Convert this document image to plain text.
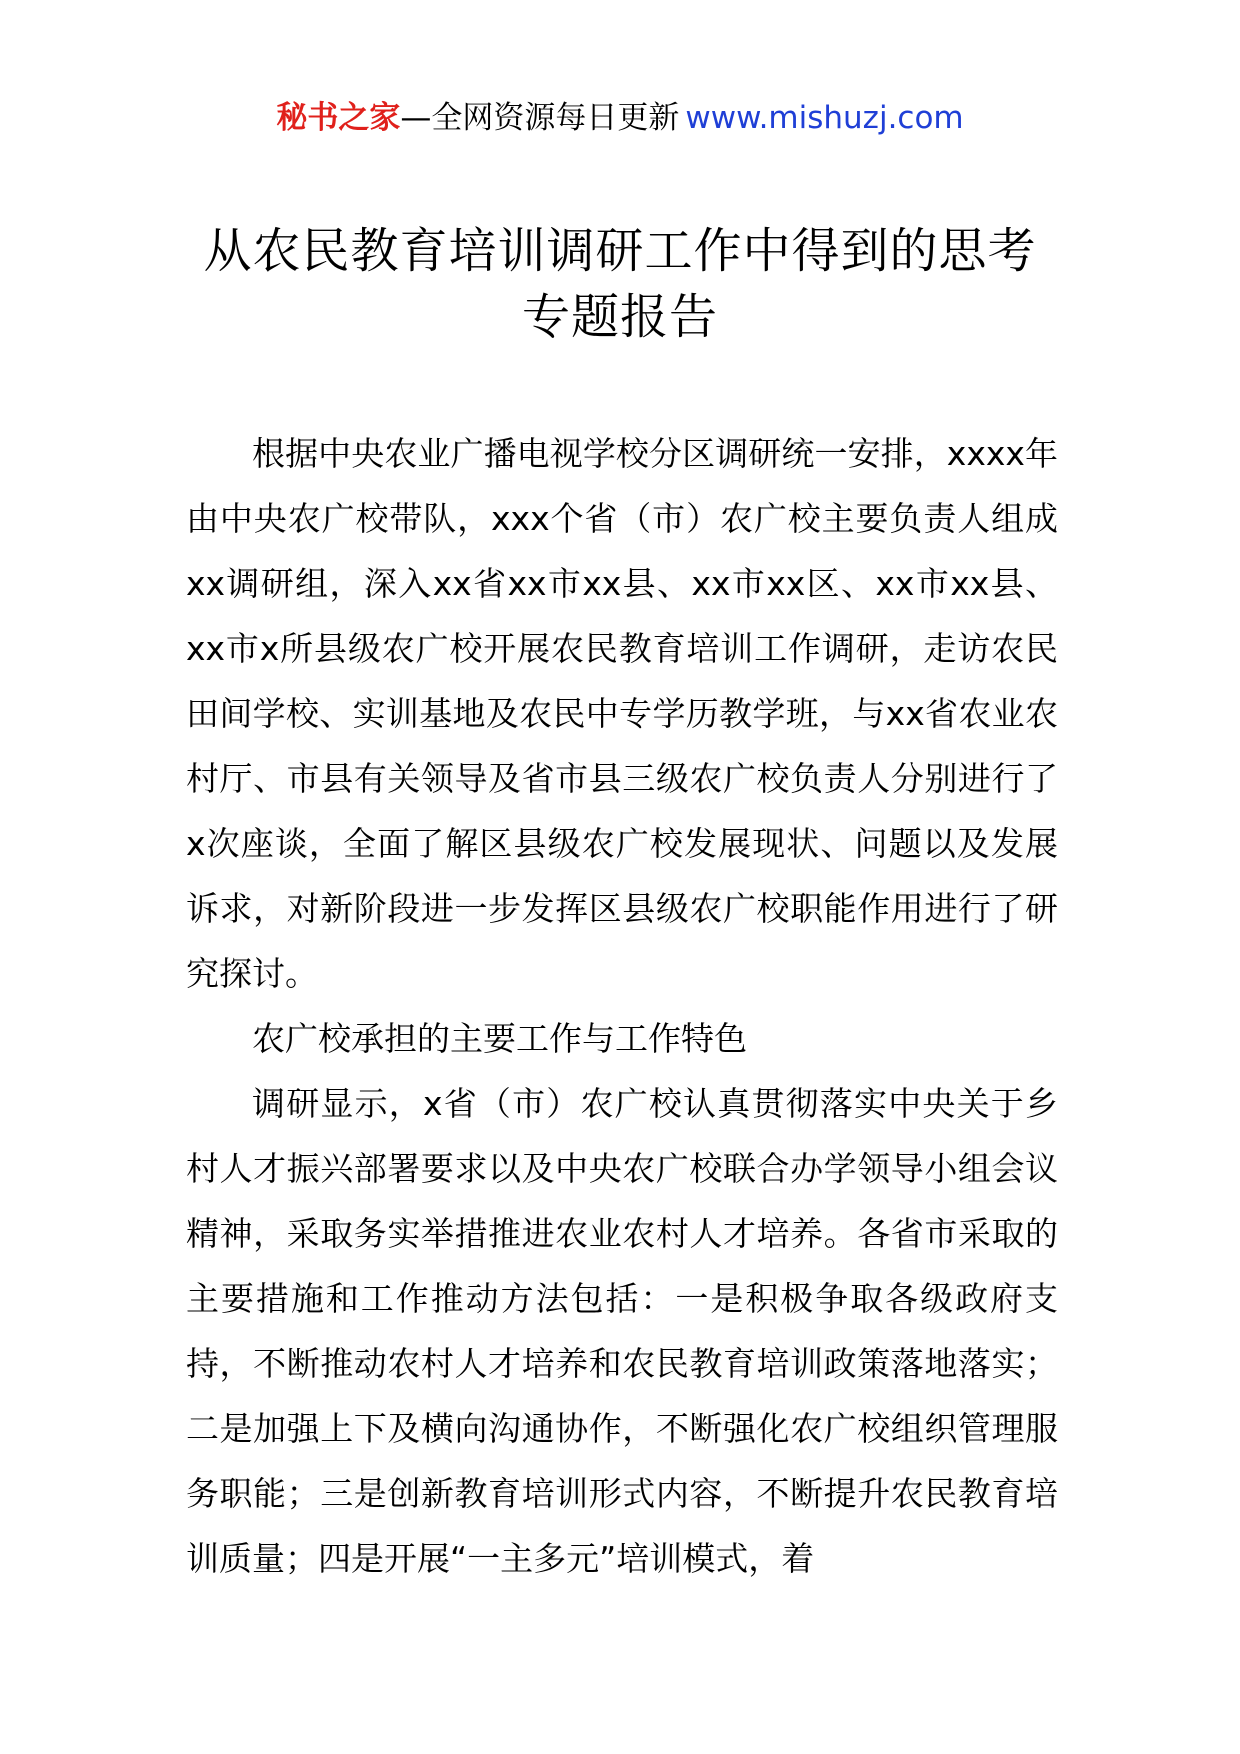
秘书之家—全网资源每日更新 www.mishuzj.com
从农民教育培训调研工作中得到的思考
专题报告

根据中央农业广播电视学校分区调研统一安排，xxxx年由中央农广校带队，xxx个省（市）农广校主要负责人组成xx调研组，深入xx省xx市xx县、xx市xx区、xx市xx县、xx市x所县级农广校开展农民教育培训工作调研，走访农民田间学校、实训基地及农民中专学历教学班，与xx省农业农村厅、市县有关领导及省市县三级农广校负责人分别进行了x次座谈，全面了解区县级农广校发展现状、问题以及发展诉求，对新阶段进一步发挥区县级农广校职能作用进行了研究探讨。

农广校承担的主要工作与工作特色

调研显示，x省（市）农广校认真贯彻落实中央关于乡村人才振兴部署要求以及中央农广校联合办学领导小组会议精神，采取务实举措推进农业农村人才培养。各省市采取的主要措施和工作推动方法包括：一是积极争取各级政府支持，不断推动农村人才培养和农民教育培训政策落地落实；二是加强上下及横向沟通协作，不断强化农广校组织管理服务职能；三是创新教育培训形式内容，不断提升农民教育培训质量；四是开展“一主多元”培训模式，着
